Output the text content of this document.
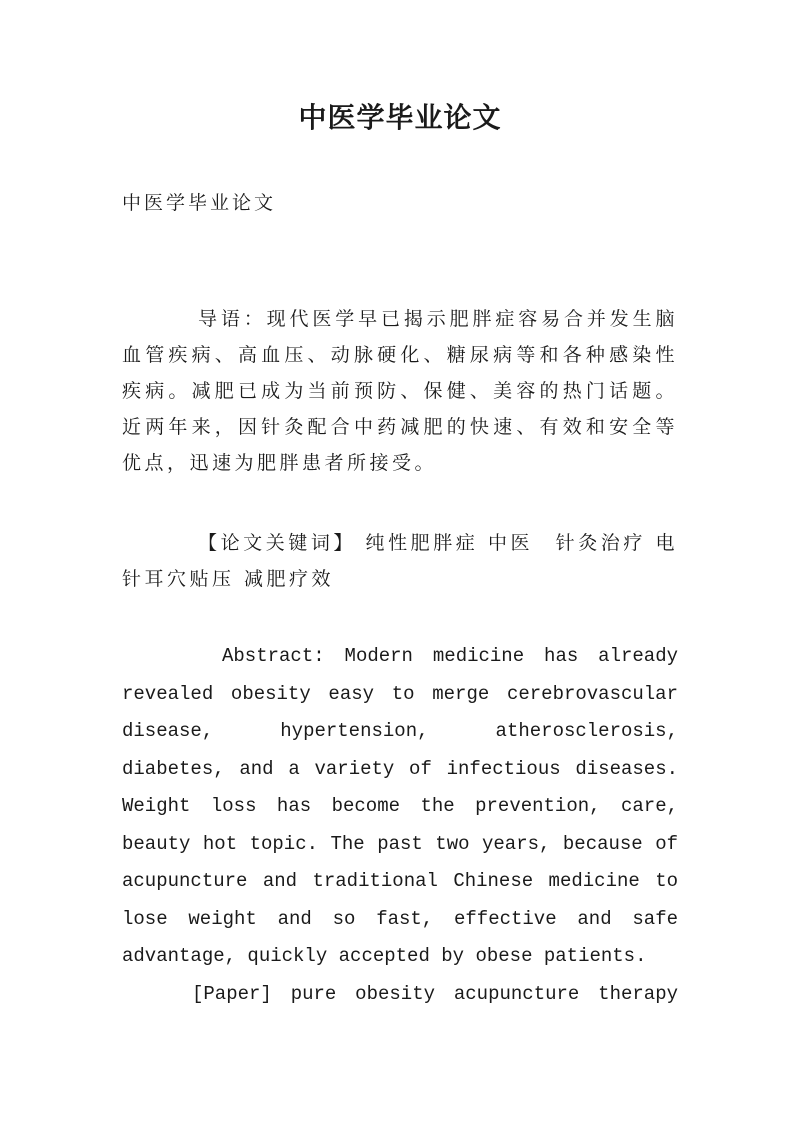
中医学毕业论文
中医学毕业论文

导语：现代医学早已揭示肥胖症容易合并发生脑血管疾病、高血压、动脉硬化、糖尿病等和各种感染性疾病。减肥已成为当前预防、保健、美容的热门话题。近两年来，因针灸配合中药减肥的快速、有效和安全等优点，迅速为肥胖患者所接受。

【论文关键词】 纯性肥胖症 中医　针灸治疗 电针耳穴贴压 减肥疗效

Abstract: Modern medicine has already revealed obesity easy to merge cerebrovascular disease, hypertension, atherosclerosis, diabetes, and a variety of infectious diseases. Weight loss has become the prevention, care, beauty hot topic. The past two years, because of acupuncture and traditional Chinese medicine to lose weight and so fast, effective and safe advantage, quickly accepted by obese patients.

[Paper] pure obesity acupuncture therapy
